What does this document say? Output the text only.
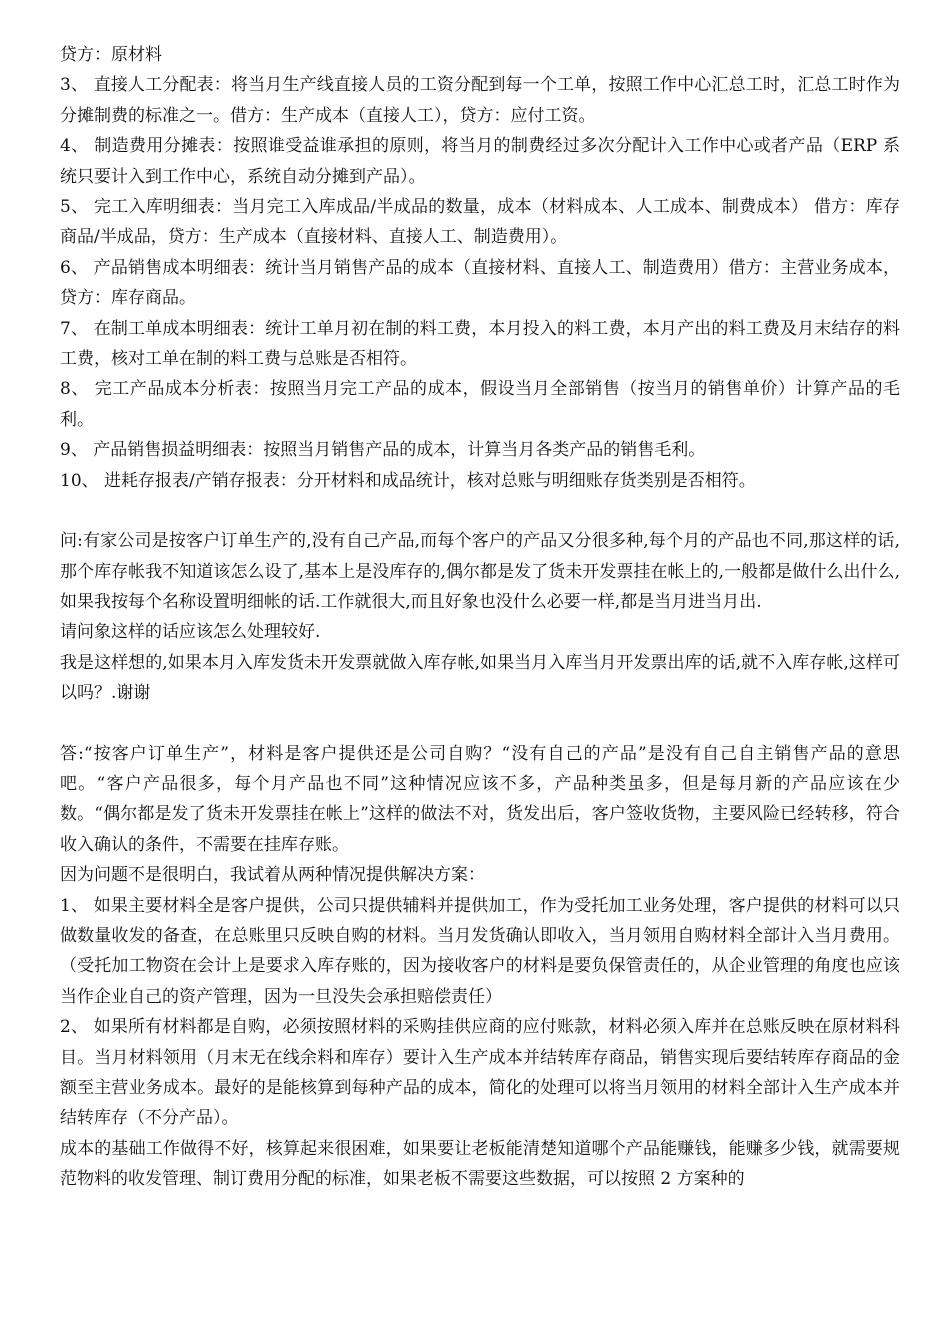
贷方：原材料

3、 直接人工分配表：将当月生产线直接人员的工资分配到每一个工单，按照工作中心汇总工时，汇总工时作为分摊制费的标准之一。借方：生产成本（直接人工），贷方：应付工资。

4、 制造费用分摊表：按照谁受益谁承担的原则，将当月的制费经过多次分配计入工作中心或者产品（ERP 系统只要计入到工作中心，系统自动分摊到产品）。

5、 完工入库明细表：当月完工入库成品/半成品的数量，成本（材料成本、人工成本、制费成本） 借方：库存商品/半成品，贷方：生产成本（直接材料、直接人工、制造费用）。

6、 产品销售成本明细表：统计当月销售产品的成本（直接材料、直接人工、制造费用）借方：主营业务成本，贷方：库存商品。

7、 在制工单成本明细表：统计工单月初在制的料工费，本月投入的料工费，本月产出的料工费及月末结存的料工费，核对工单在制的料工费与总账是否相符。

8、 完工产品成本分析表：按照当月完工产品的成本，假设当月全部销售（按当月的销售单价）计算产品的毛利。

9、 产品销售损益明细表：按照当月销售产品的成本，计算当月各类产品的销售毛利。

10、 进耗存报表/产销存报表：分开材料和成品统计，核对总账与明细账存货类别是否相符。

问:有家公司是按客户订单生产的,没有自己产品,而每个客户的产品又分很多种,每个月的产品也不同,那这样的话,那个库存帐我不知道该怎么设了,基本上是没库存的,偶尔都是发了货未开发票挂在帐上的,一般都是做什么出什么,如果我按每个名称设置明细帐的话.工作就很大,而且好象也没什么必要一样,都是当月进当月出.

请问象这样的话应该怎么处理较好.

我是这样想的,如果本月入库发货未开发票就做入库存帐,如果当月入库当月开发票出库的话,就不入库存帐,这样可以吗？.谢谢

答:“按客户订单生产”，材料是客户提供还是公司自购？“没有自己的产品”是没有自己自主销售产品的意思吧。“客户产品很多，每个月产品也不同”这种情况应该不多，产品种类虽多，但是每月新的产品应该在少数。“偶尔都是发了货未开发票挂在帐上”这样的做法不对，货发出后，客户签收货物，主要风险已经转移，符合收入确认的条件，不需要在挂库存账。

因为问题不是很明白，我试着从两种情况提供解决方案：

1、 如果主要材料全是客户提供，公司只提供辅料并提供加工，作为受托加工业务处理，客户提供的材料可以只做数量收发的备查，在总账里只反映自购的材料。当月发货确认即收入，当月领用自购材料全部计入当月费用。（受托加工物资在会计上是要求入库存账的，因为接收客户的材料是要负保管责任的，从企业管理的角度也应该当作企业自己的资产管理，因为一旦没失会承担赔偿责任）

2、 如果所有材料都是自购，必须按照材料的采购挂供应商的应付账款，材料必须入库并在总账反映在原材料科目。当月材料领用（月末无在线余料和库存）要计入生产成本并结转库存商品，销售实现后要结转库存商品的金额至主营业务成本。最好的是能核算到每种产品的成本，简化的处理可以将当月领用的材料全部计入生产成本并结转库存（不分产品）。

成本的基础工作做得不好，核算起来很困难，如果要让老板能清楚知道哪个产品能赚钱，能赚多少钱，就需要规范物料的收发管理、制订费用分配的标准，如果老板不需要这些数据，可以按照 2 方案种的
